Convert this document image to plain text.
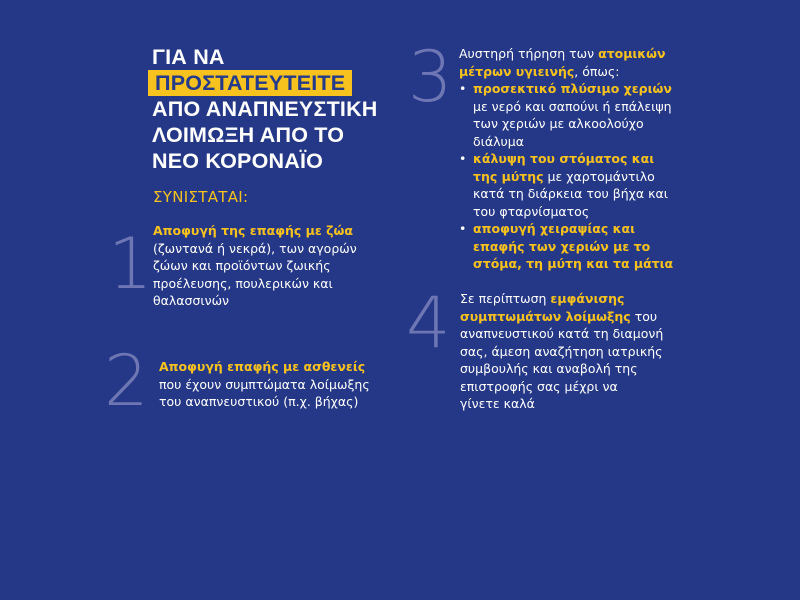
ΓΙΑ ΝΑ
ΠΡΟΣΤΑΤΕΥΤΕΙΤΕ
ΑΠΟ ΑΝΑΠΝΕΥΣΤΙΚΗ
ΛΟΙΜΩΞΗ ΑΠΟ ΤΟ
ΝΕΟ ΚΟΡΟΝΑΪΟ
ΣΥΝΙΣΤΑΤΑΙ:
1 Αποφυγή της επαφής με ζώα

(ζωντανά ή νεκρά), των αγορών

ζώων και προϊόντων ζωικής

προέλευσης, πουλερικών και

θαλασσινών

2 Αποφυγή επαφής με ασθενείς

που έχουν συμπτώματα λοίμωξης

του αναπνευστικού (π.χ. βήχας)

3 Αυστηρή τήρηση των ατομικών

μέτρων υγιεινής, όπως:

• προσεκτικό πλύσιμο χεριών

με νερό και σαπούνι ή επάλειψη

των χεριών με αλκοολούχο

διάλυμα

• κάλυψη του στόματος και

της μύτης με χαρτομάντιλο

κατά τη διάρκεια του βήχα και

του φταρνίσματος

• αποφυγή χειραψίας και

επαφής των χεριών με το

στόμα, τη μύτη και τα μάτια

4 Σε περίπτωση εμφάνισης

συμπτωμάτων λοίμωξης του

αναπνευστικού κατά τη διαμονή

σας, άμεση αναζήτηση ιατρικής

συμβουλής και αναβολή της

επιστροφής σας μέχρι να

γίνετε καλά
